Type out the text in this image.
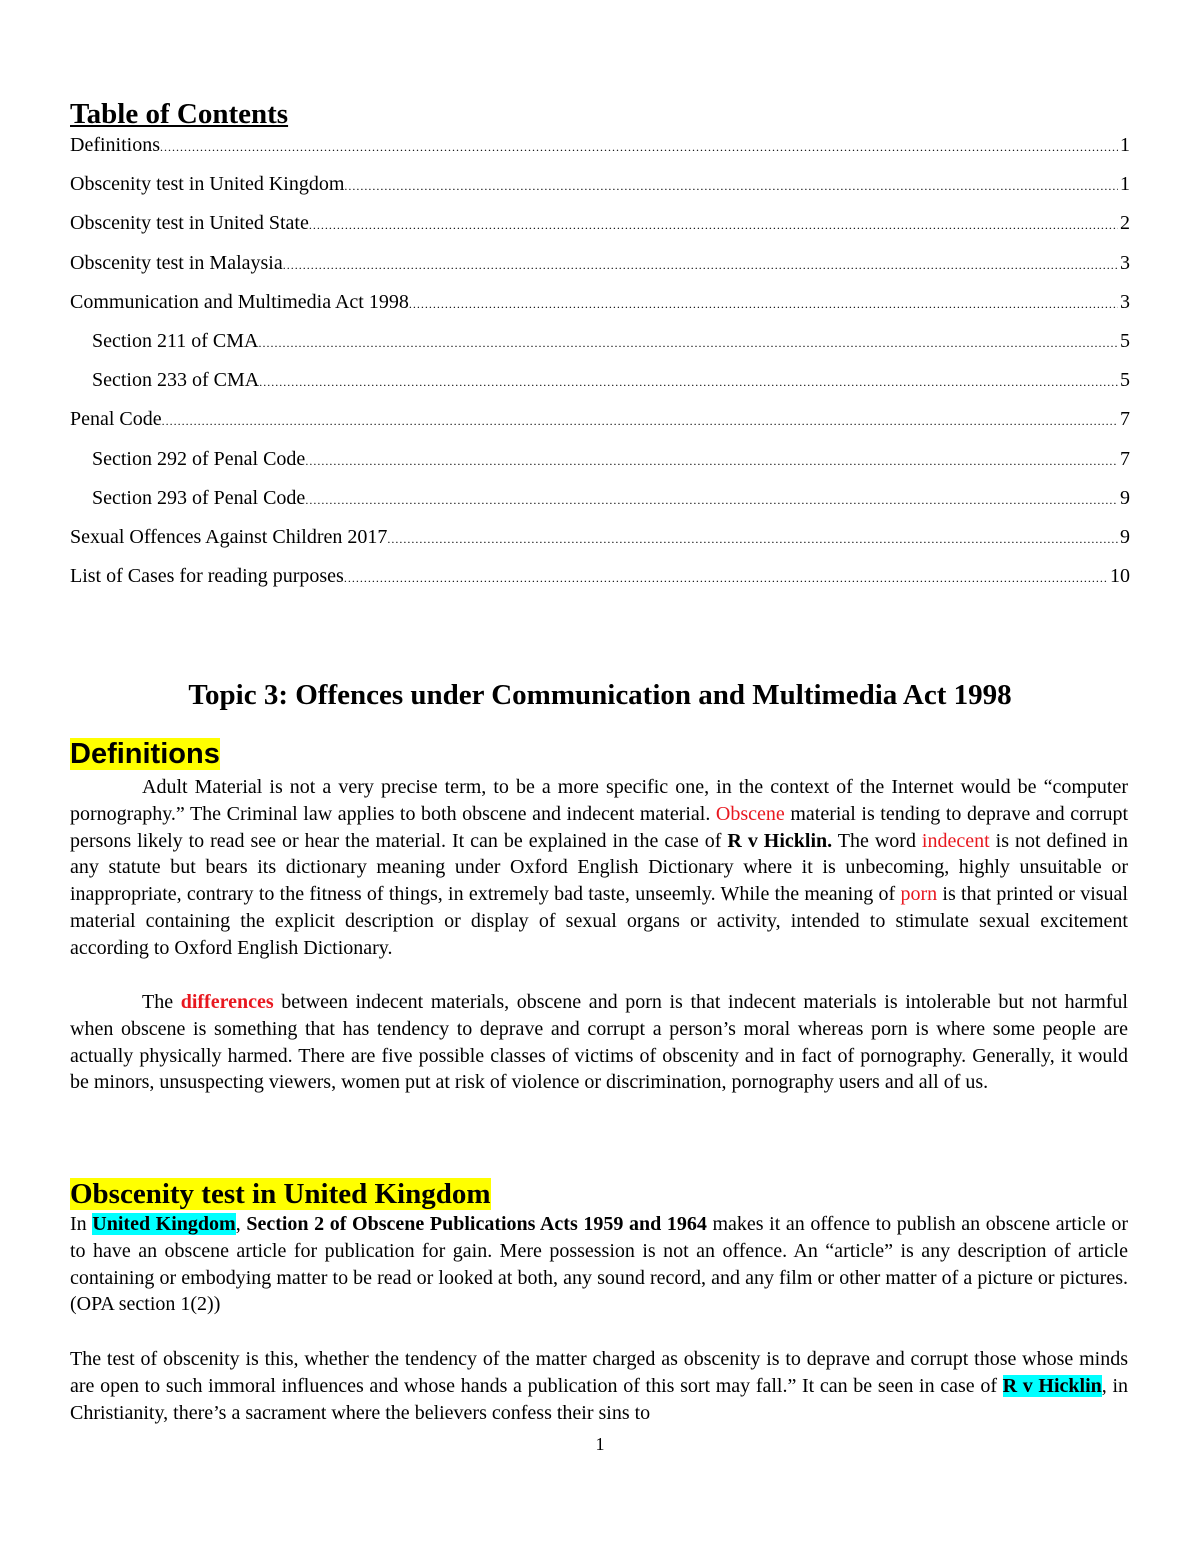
Table of Contents
Definitions .....	1
Obscenity test in United Kingdom .....	1
Obscenity test in United State .....	2
Obscenity test in Malaysia .....	3
Communication and Multimedia Act 1998 .....	3
Section 211 of CMA .....	5
Section 233 of CMA .....	5
Penal Code .....	7
Section 292 of Penal Code .....	7
Section 293 of Penal Code .....	9
Sexual Offences Against Children 2017 .....	9
List of Cases for reading purposes .....	10
Topic 3: Offences under Communication and Multimedia Act 1998
Definitions

Adult Material is not a very precise term, to be a more specific one, in the context of the Internet would be “computer pornography.” The Criminal law applies to both obscene and indecent material. Obscene material is tending to deprave and corrupt persons likely to read see or hear the material. It can be explained in the case of R v Hicklin. The word indecent is not defined in any statute but bears its dictionary meaning under Oxford English Dictionary where it is unbecoming, highly unsuitable or inappropriate, contrary to the fitness of things, in extremely bad taste, unseemly. While the meaning of porn is that printed or visual material containing the explicit description or display of sexual organs or activity, intended to stimulate sexual excitement according to Oxford English Dictionary.

The differences between indecent materials, obscene and porn is that indecent materials is intolerable but not harmful when obscene is something that has tendency to deprave and corrupt a person’s moral whereas porn is where some people are actually physically harmed. There are five possible classes of victims of obscenity and in fact of pornography. Generally, it would be minors, unsuspecting viewers, women put at risk of violence or discrimination, pornography users and all of us.

Obscenity test in United Kingdom

In United Kingdom, Section 2 of Obscene Publications Acts 1959 and 1964 makes it an offence to publish an obscene article or to have an obscene article for publication for gain. Mere possession is not an offence. An “article” is any description of article containing or embodying matter to be read or looked at both, any sound record, and any film or other matter of a picture or pictures. (OPA section 1(2))

The test of obscenity is this, whether the tendency of the matter charged as obscenity is to deprave and corrupt those whose minds are open to such immoral influences and whose hands a publication of this sort may fall.” It can be seen in case of R v Hicklin, in Christianity, there’s a sacrament where the believers confess their sins to

1
